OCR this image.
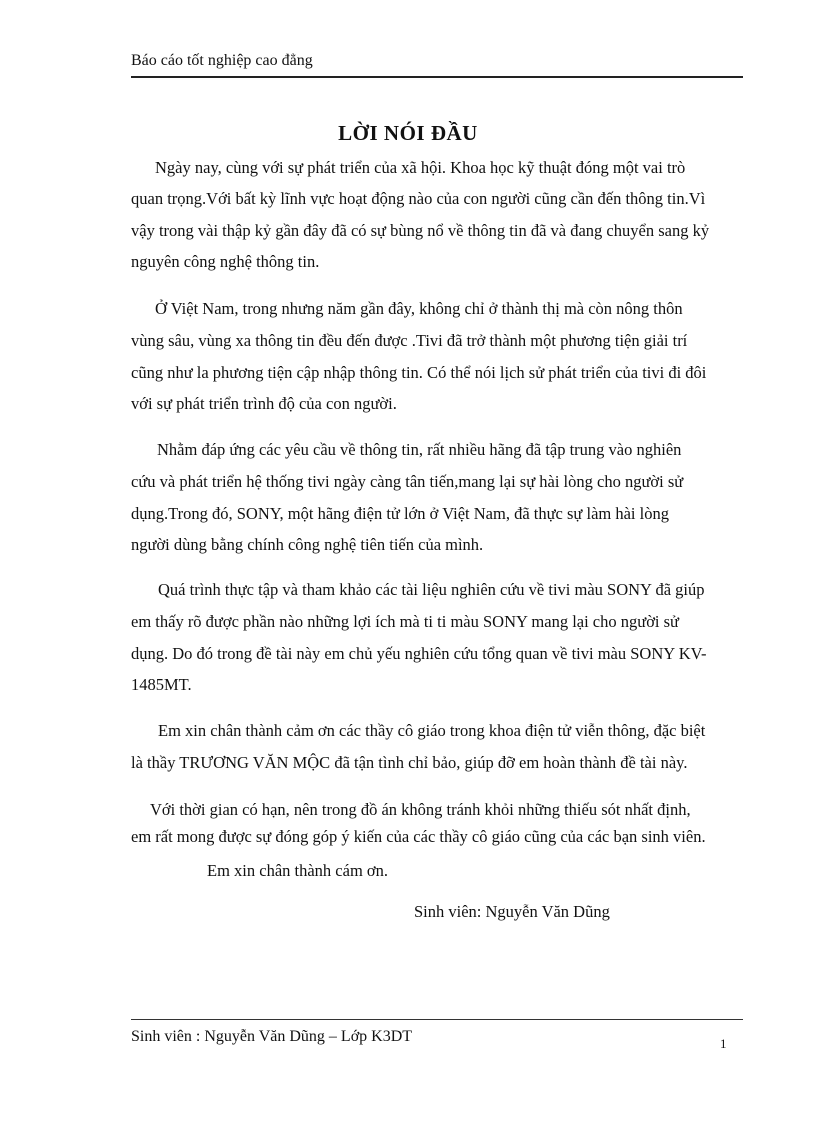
Báo cáo tốt nghiệp cao đẳng
LỜI NÓI ĐẦU
Ngày nay, cùng với sự phát triển của xã hội. Khoa học kỹ thuật đóng một vai trò
quan trọng.Với bất kỳ lĩnh vực hoạt động nào của con người cũng cần đến thông tin.Vì
vậy trong vài thập kỷ gần đây đã có sự bùng nổ về thông tin đã và đang chuyển sang kỷ
nguyên công nghệ thông tin.
Ở Việt Nam, trong nhưng năm gần đây, không chỉ ở thành thị mà còn nông thôn
vùng sâu, vùng xa thông tin đều đến được .Tivi đã trở thành một phương tiện giải trí
cũng như la phương tiện cập nhập thông tin. Có thể nói lịch sử phát triển của tivi đi đôi
với sự phát triển trình độ của con người.
Nhằm đáp ứng các yêu cầu về thông tin, rất nhiều hãng đã tập trung vào nghiên
cứu và phát triển hệ thống tivi ngày càng tân tiến,mang lại sự hài lòng cho người sử
dụng.Trong đó, SONY, một hãng điện tử lớn ở Việt Nam, đã thực sự làm hài lòng
người dùng bằng chính công nghệ tiên tiến của mình.
Quá trình thực tập và tham khảo các tài liệu nghiên cứu về tivi màu SONY đã giúp
em thấy rõ được phần nào những lợi ích mà ti ti màu SONY mang lại cho người sử
dụng. Do đó trong đề tài này em chủ yếu nghiên cứu tổng quan về tivi màu SONY KV-
1485MT.
Em xin chân thành cảm ơn các thầy cô giáo trong khoa điện tử viễn thông, đặc biệt
là thầy TRƯƠNG VĂN MỘC đã tận tình chỉ bảo, giúp đỡ em hoàn thành đề tài này.
Với thời gian có hạn, nên trong đồ án không tránh khỏi những thiếu sót nhất định,
em rất mong được sự đóng góp ý kiến của các thầy cô giáo cũng của các bạn sinh viên.
Em xin chân thành cám ơn.
Sinh viên: Nguyễn Văn Dũng
Sinh viên : Nguyễn Văn Dũng – Lớp K3DT	1
